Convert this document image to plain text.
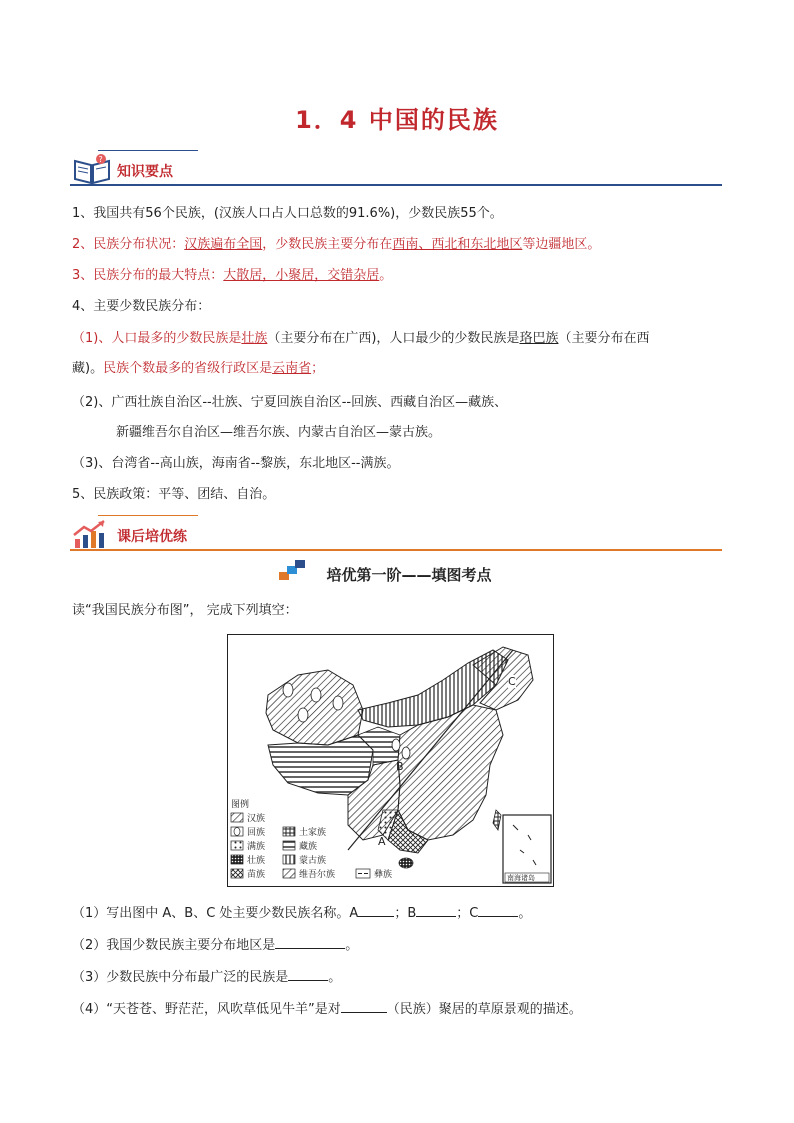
1．4 中国的民族
?
知识要点
1、我国共有56个民族，(汉族人口占人口总数的91.6%)，少数民族55个。
2、民族分布状况：汉族遍布全国，少数民族主要分布在西南、西北和东北地区等边疆地区。
3、民族分布的最大特点：大散居，小聚居，交错杂居。
4、主要少数民族分布：
（1)、人口最多的少数民族是壮族（主要分布在广西)，人口最少的少数民族是珞巴族（主要分布在西
藏)。民族个数最多的省级行政区是云南省；
（2)、广西壮族自治区--壮族、宁夏回族自治区--回族、西藏自治区—藏族、
新疆维吾尔自治区—维吾尔族、内蒙古自治区—蒙古族。
（3)、台湾省--高山族，海南省--黎族，东北地区--满族。
5、民族政策：平等、团结、自治。
课后培优练
培优第一阶——填图考点
读“我国民族分布图”， 完成下列填空：
图例
汉族
回族	土家族
满族	藏族
壮族	蒙古族
苗族	维吾尔族	彝族
A
B
C
南海诸岛
（1）写出图中 A、B、C 处主要少数民族名称。A	；B	；C	。
（2）我国少数民族主要分布地区是	。
（3）少数民族中分布最广泛的民族是	。
（4）“天苍苍、野茫茫，风吹草低见牛羊”是对	（民族）聚居的草原景观的描述。
